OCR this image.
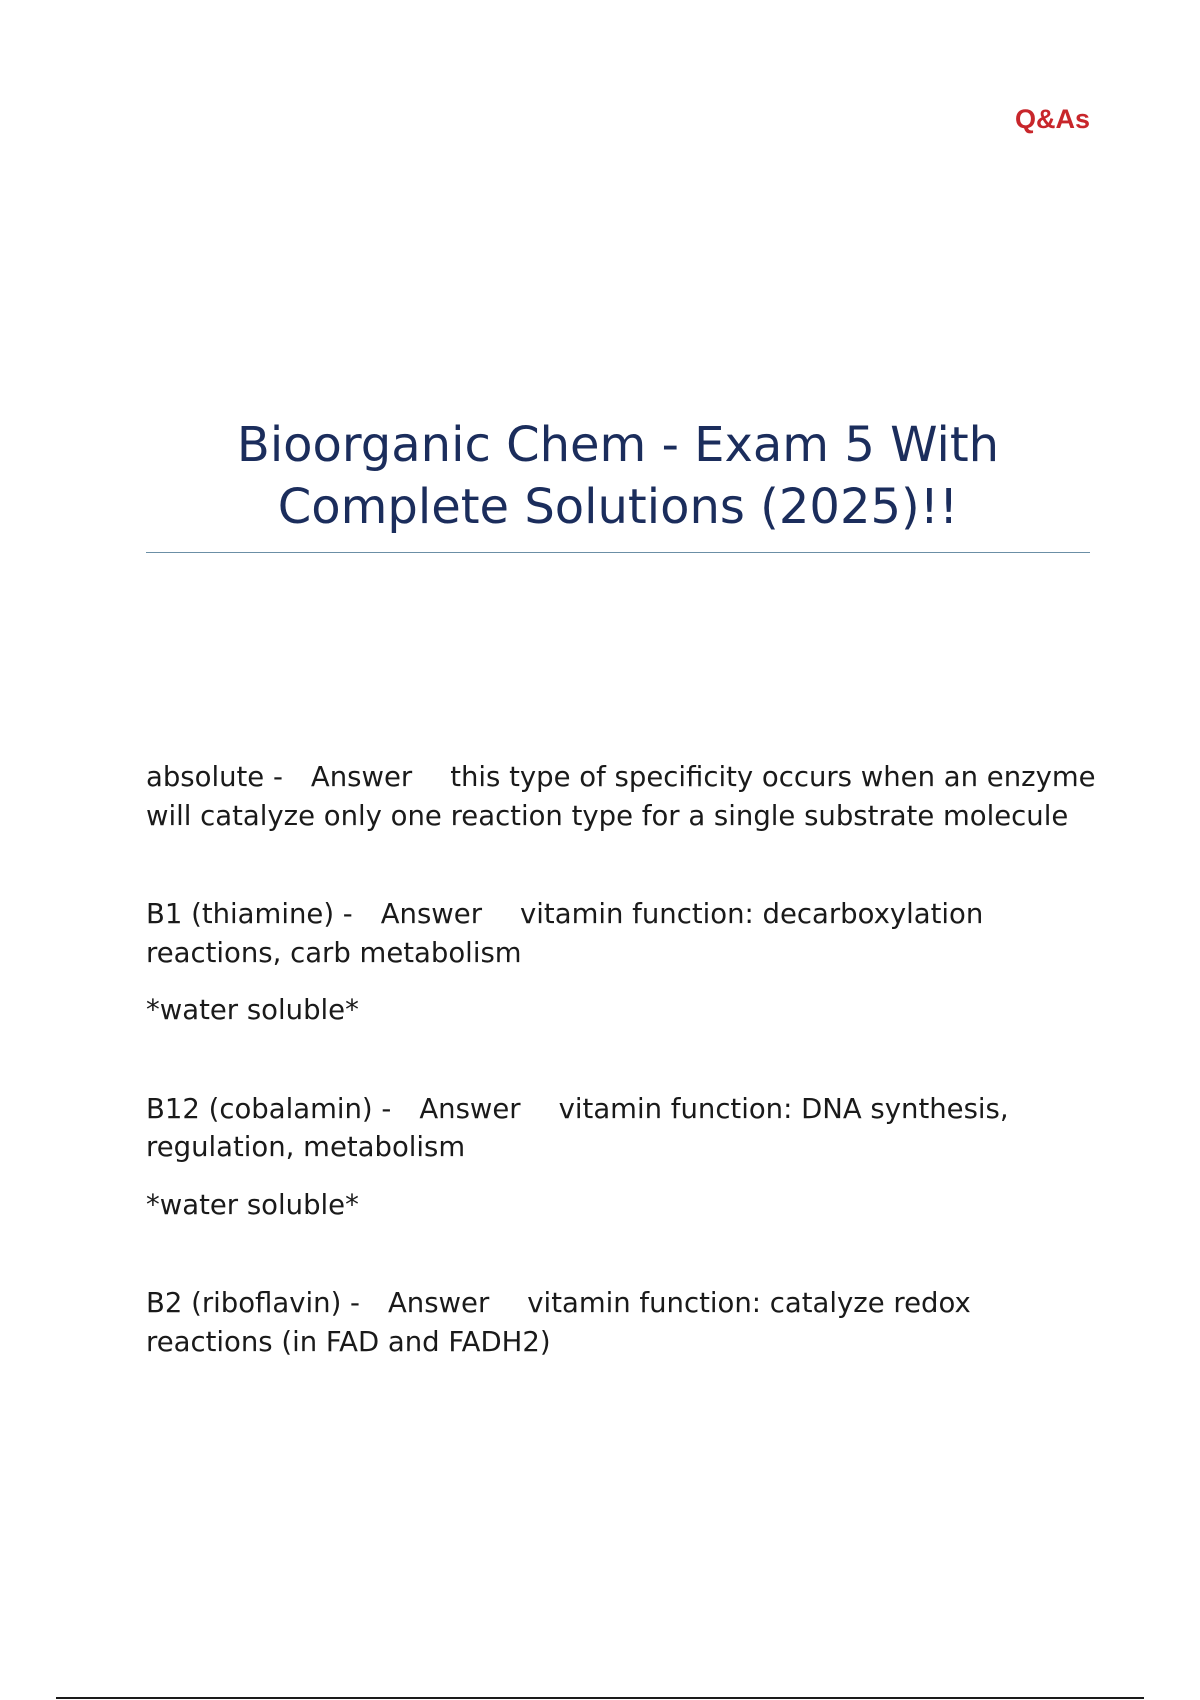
Q&As

Bioorganic Chem - Exam 5 With
Complete Solutions (2025)!!

absolute - Answer this type of specificity occurs when an enzyme will catalyze only one reaction type for a single substrate molecule

B1 (thiamine) - Answer vitamin function: decarboxylation reactions, carb metabolism

*water soluble*

B12 (cobalamin) - Answer vitamin function: DNA synthesis, regulation, metabolism

*water soluble*

B2 (riboflavin) - Answer vitamin function: catalyze redox reactions (in FAD and FADH2)
